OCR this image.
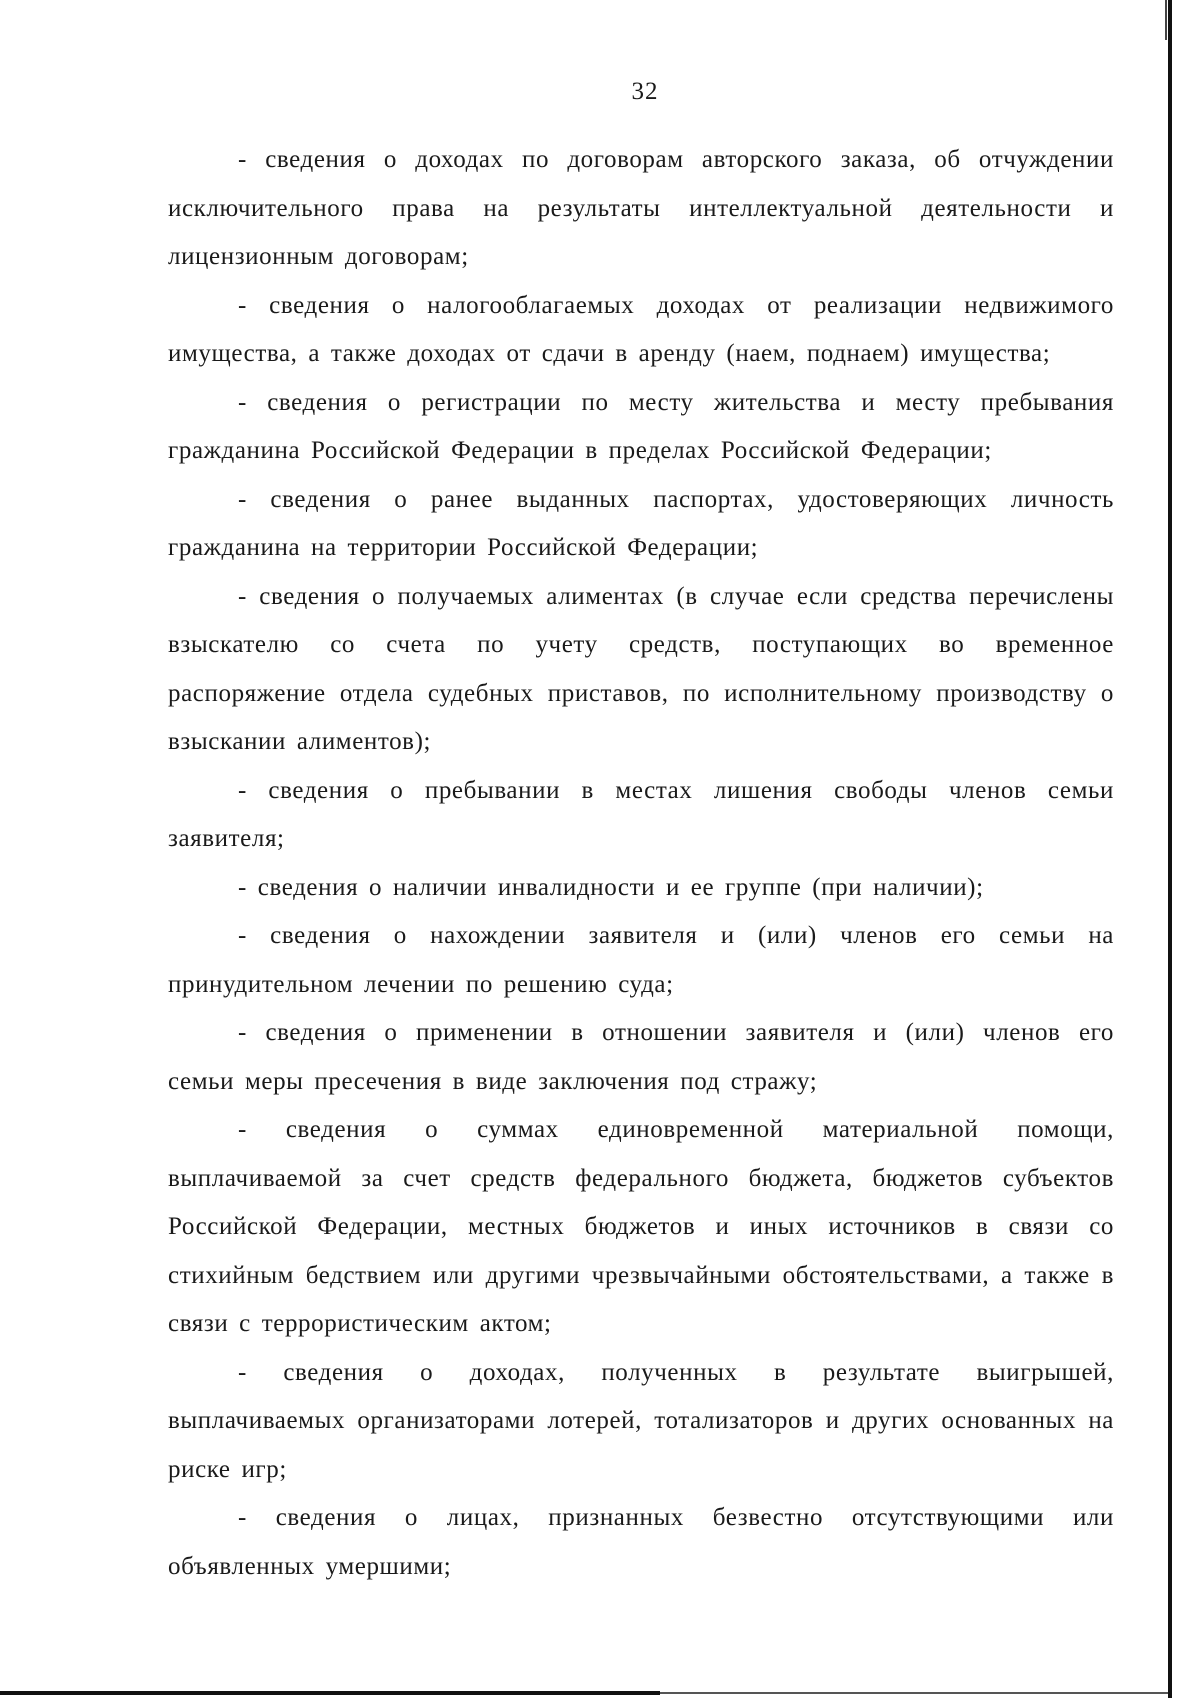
32

- сведения о доходах по договорам авторского заказа, об отчуждении исключительного права на результаты интеллектуальной деятельности и лицензионным договорам;

- сведения о налогооблагаемых доходах от реализации недвижимого имущества, а также доходах от сдачи в аренду (наем, поднаем) имущества;

- сведения о регистрации по месту жительства и месту пребывания гражданина Российской Федерации в пределах Российской Федерации;

- сведения о ранее выданных паспортах, удостоверяющих личность гражданина на территории Российской Федерации;

- сведения о получаемых алиментах (в случае если средства перечислены взыскателю со счета по учету средств, поступающих во временное распоряжение отдела судебных приставов, по исполнительному производству о взыскании алиментов);

- сведения о пребывании в местах лишения свободы членов семьи заявителя;

- сведения о наличии инвалидности и ее группе (при наличии);

- сведения о нахождении заявителя и (или) членов его семьи на принудительном лечении по решению суда;

- сведения о применении в отношении заявителя и (или) членов его семьи меры пресечения в виде заключения под стражу;

- сведения о суммах единовременной материальной помощи, выплачиваемой за счет средств федерального бюджета, бюджетов субъектов Российской Федерации, местных бюджетов и иных источников в связи со стихийным бедствием или другими чрезвычайными обстоятельствами, а также в связи с террористическим актом;

- сведения о доходах, полученных в результате выигрышей, выплачиваемых организаторами лотерей, тотализаторов и других основанных на риске игр;

- сведения о лицах, признанных безвестно отсутствующими или объявленных умершими;
